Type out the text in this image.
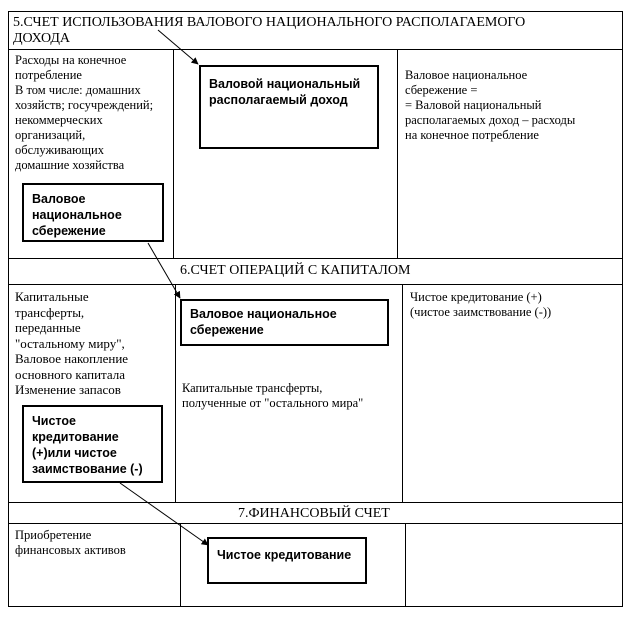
5.СЧЕТ ИСПОЛЬЗОВАНИЯ ВАЛОВОГО НАЦИОНАЛЬНОГО РАСПОЛАГАЕМОГО
ДОХОДА
Расходы на конечное
потребление
В том числе: домашних
хозяйств; госучреждений;
некоммерческих
организаций,
обслуживающих
домашние хозяйства
Валовое
национальное
сбережение
Валовой национальный
располагаемый доход
Валовое национальное
сбережение =
= Валовой национальный
располагаемых доход – расходы
на конечное потребление
6.СЧЕТ ОПЕРАЦИЙ С КАПИТАЛОМ
Капитальные
трансферты,
переданные
"остальному миру",
Валовое накопление
основного капитала
Изменение запасов
Чистое
кредитование
(+)или чистое
заимствование (-)
Валовое национальное
сбережение
Капитальные трансферты,
полученные от "остального мира"
Чистое кредитование (+)
(чистое заимствование (-))
7.ФИНАНСОВЫЙ СЧЕТ
Приобретение
финансовых активов	Чистое кредитование
